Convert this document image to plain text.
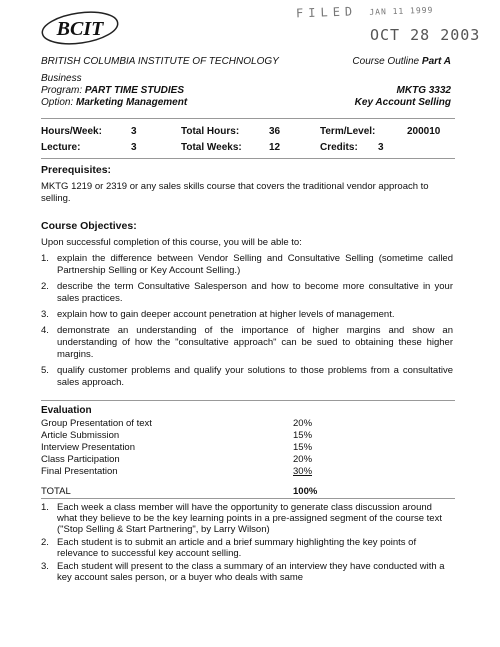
BCIT
FILED JAN 11 1999
OCT 28 2003
BRITISH COLUMBIA INSTITUTE OF TECHNOLOGY	Course Outline Part A
Business
Program: PART TIME STUDIES
Option: Marketing Management
MKTG 3332
Key Account Selling
Hours/Week:	3	Total Hours:	36	Term/Level:	200010
Lecture:	3	Total Weeks:	12	Credits: 3
Prerequisites:
MKTG 1219 or 2319 or any sales skills course that covers the traditional vendor approach to selling.
Course Objectives:
Upon successful completion of this course, you will be able to:
1. explain the difference between Vendor Selling and Consultative Selling (sometime called Partnership Selling or Key Account Selling.)
2. describe the term Consultative Salesperson and how to become more consultative in your sales practices.
3. explain how to gain deeper account penetration at higher levels of management.
4. demonstrate an understanding of the importance of higher margins and show an understanding of how the "consultative approach" can be sued to obtaining these higher margins.
5. qualify customer problems and qualify your solutions to those problems from a consultative sales approach.
Evaluation
Group Presentation of text	20%
Article Submission	15%
Interview Presentation	15%
Class Participation	20%
Final Presentation	30%
TOTAL	100%
1. Each week a class member will have the opportunity to generate class discussion around what they believe to be the key learning points in a pre-assigned segment of the course text ("Stop Selling & Start Partnering", by Larry Wilson)
2. Each student is to submit an article and a brief summary highlighting the key points of relevance to successful key account selling.
3. Each student will present to the class a summary of an interview they have conducted with a key account sales person, or a buyer who deals with same
